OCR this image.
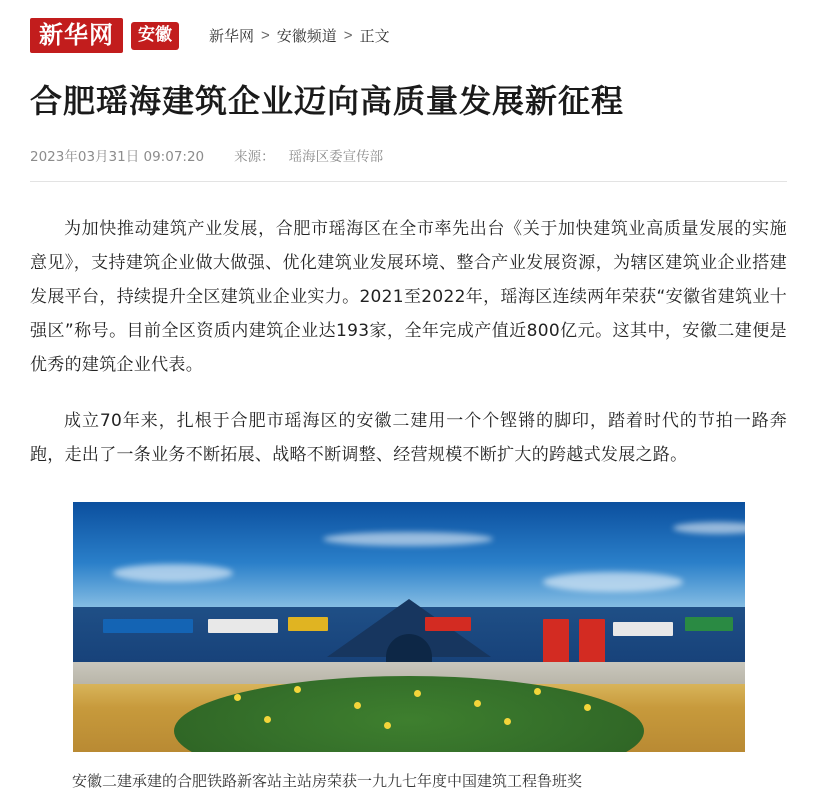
新华网	安徽	新华网 > 安徽频道 > 正文
合肥瑶海建筑企业迈向高质量发展新征程
2023年03月31日 09:07:20 来源： 瑶海区委宣传部

为加快推动建筑产业发展，合肥市瑶海区在全市率先出台《关于加快建筑业高质量发展的实施意见》，支持建筑企业做大做强、优化建筑业发展环境、整合产业发展资源，为辖区建筑业企业搭建发展平台，持续提升全区建筑业企业实力。2021至2022年，瑶海区连续两年荣获“安徽省建筑业十强区”称号。目前全区资质内建筑企业达193家，全年完成产值近800亿元。这其中，安徽二建便是优秀的建筑企业代表。

成立70年来，扎根于合肥市瑶海区的安徽二建用一个个铿锵的脚印，踏着时代的节拍一路奔跑，走出了一条业务不断拓展、战略不断调整、经营规模不断扩大的跨越式发展之路。

安徽二建承建的合肥铁路新客站主站房荣获一九九七年度中国建筑工程鲁班奖
